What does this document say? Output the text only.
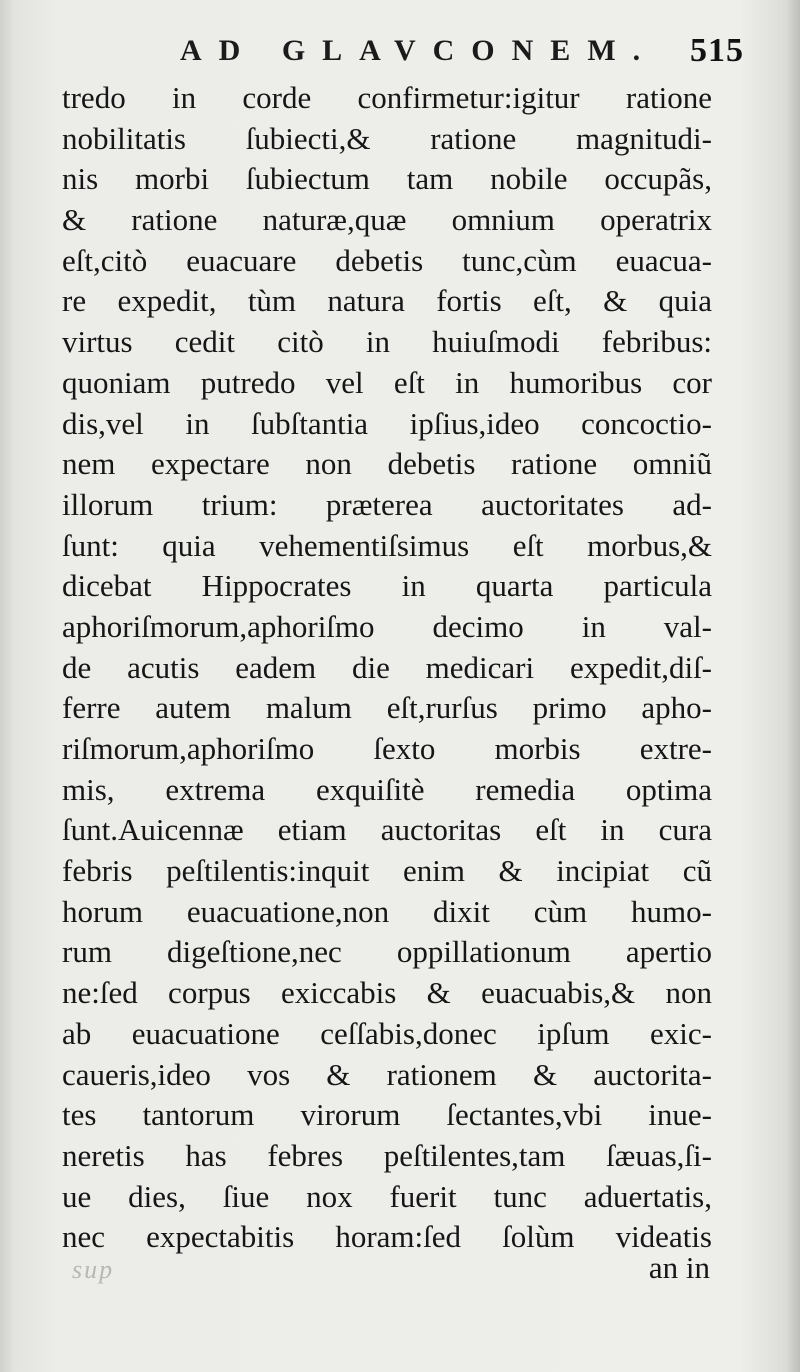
AD GLAVCONEM. 515
tredo in corde confirmetur:igitur ratione
nobilitatis ſubiecti,& ratione magnitudi-
nis morbi ſubiectum tam nobile occupãs,
& ratione naturæ,quæ omnium operatrix
eſt,citò euacuare debetis tunc,cùm euacua-
re expedit, tùm natura fortis eſt, & quia
virtus cedit citò in huiuſmodi febribus:
quoniam putredo vel eſt in humoribus cor
dis,vel in ſubſtantia ipſius,ideo concoctio-
nem expectare non debetis ratione omniũ
illorum trium: præterea auctoritates ad-
ſunt: quia vehementiſsimus eſt morbus,&
dicebat Hippocrates in quarta particula
aphoriſmorum,aphoriſmo decimo in val-
de acutis eadem die medicari expedit,diſ-
ferre autem malum eſt,rurſus primo apho-
riſmorum,aphoriſmo ſexto morbis extre-
mis, extrema exquiſitè remedia optima
ſunt.Auicennæ etiam auctoritas eſt in cura
febris peſtilentis:inquit enim & incipiat cũ
horum euacuatione,non dixit cùm humo-
rum digeſtione,nec oppillationum apertio
ne:ſed corpus exiccabis & euacuabis,& non
ab euacuatione ceſſabis,donec ipſum exic-
caueris,ideo vos & rationem & auctorita-
tes tantorum virorum ſectantes,vbi inue-
neretis has febres peſtilentes,tam ſæuas,ſi-
ue dies, ſiue nox fuerit tunc aduertatis,
nec expectabitis horam:ſed ſolùm videatis
sup	an in
